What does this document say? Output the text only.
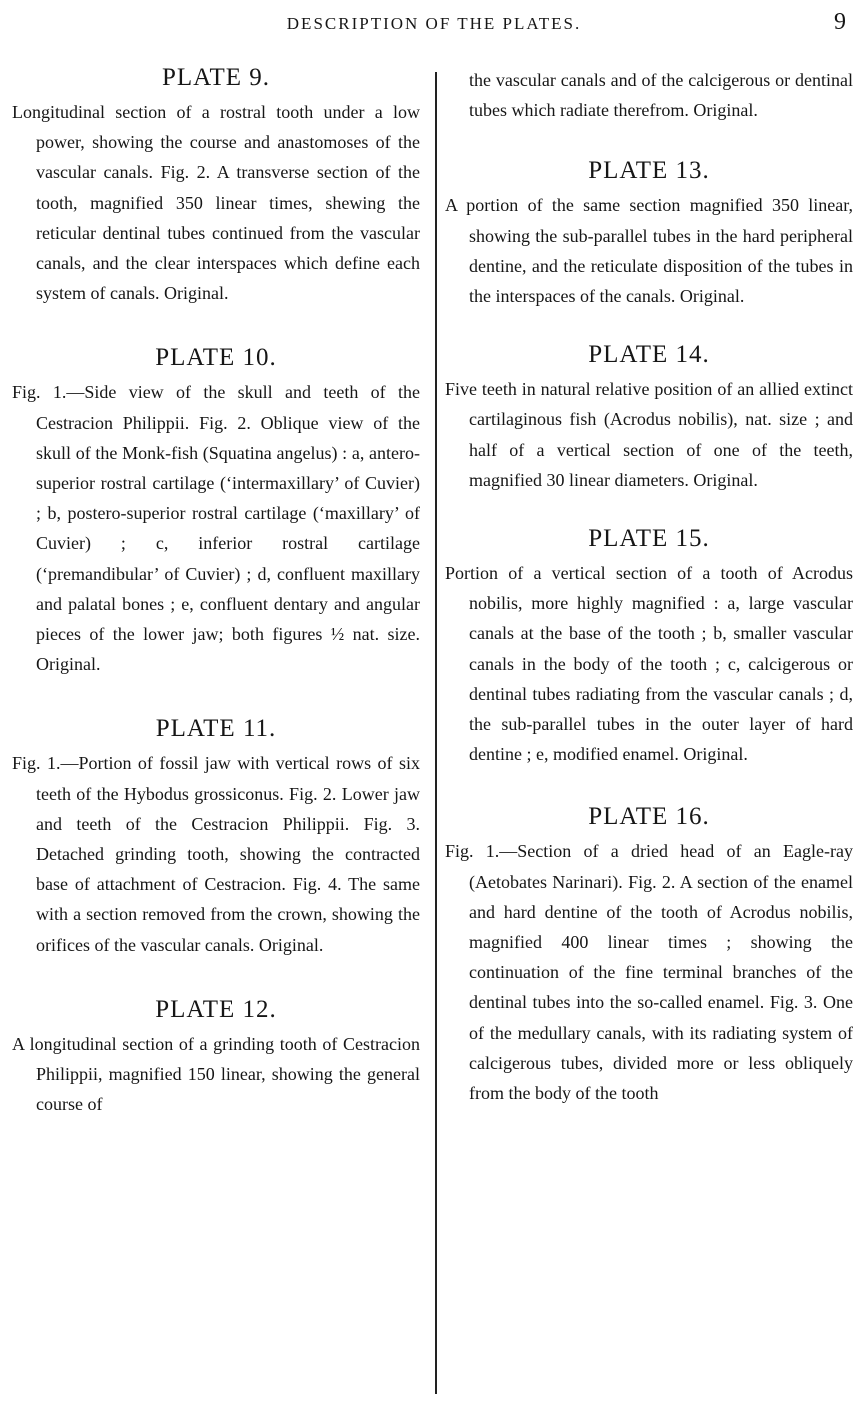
DESCRIPTION OF THE PLATES.	9
PLATE 9.

Longitudinal section of a rostral tooth under a low power, showing the course and anastomoses of the vascular canals. Fig. 2. A transverse section of the tooth, magnified 350 linear times, shewing the reticular dentinal tubes continued from the vascular canals, and the clear interspaces which define each system of canals. Original.

PLATE 10.

Fig. 1.—Side view of the skull and teeth of the Cestracion Philippii. Fig. 2. Oblique view of the skull of the Monk-fish (Squatina angelus) : a, antero-superior rostral cartilage (‘intermaxillary’ of Cuvier) ; b, postero-superior rostral cartilage (‘maxillary’ of Cuvier) ; c, inferior rostral cartilage (‘premandibular’ of Cuvier) ; d, confluent maxillary and palatal bones ; e, confluent dentary and angular pieces of the lower jaw; both figures ½ nat. size. Original.

PLATE 11.

Fig. 1.—Portion of fossil jaw with vertical rows of six teeth of the Hybodus grossiconus. Fig. 2. Lower jaw and teeth of the Cestracion Philippii. Fig. 3. Detached grinding tooth, showing the contracted base of attachment of Cestracion. Fig. 4. The same with a section removed from the crown, showing the orifices of the vascular canals. Original.

PLATE 12.

A longitudinal section of a grinding tooth of Cestracion Philippii, magnified 150 linear, showing the general course of

the vascular canals and of the calcigerous or dentinal tubes which radiate therefrom. Original.

PLATE 13.

A portion of the same section magnified 350 linear, showing the sub-parallel tubes in the hard peripheral dentine, and the reticulate disposition of the tubes in the interspaces of the canals. Original.

PLATE 14.

Five teeth in natural relative position of an allied extinct cartilaginous fish (Acrodus nobilis), nat. size ; and half of a vertical section of one of the teeth, magnified 30 linear diameters. Original.

PLATE 15.

Portion of a vertical section of a tooth of Acrodus nobilis, more highly magnified : a, large vascular canals at the base of the tooth ; b, smaller vascular canals in the body of the tooth ; c, calcigerous or dentinal tubes radiating from the vascular canals ; d, the sub-parallel tubes in the outer layer of hard dentine ; e, modified enamel. Original.

PLATE 16.

Fig. 1.—Section of a dried head of an Eagle-ray (Aetobates Narinari). Fig. 2. A section of the enamel and hard dentine of the tooth of Acrodus nobilis, magnified 400 linear times ; showing the continuation of the fine terminal branches of the dentinal tubes into the so-called enamel. Fig. 3. One of the medullary canals, with its radiating system of calcigerous tubes, divided more or less obliquely from the body of the tooth
